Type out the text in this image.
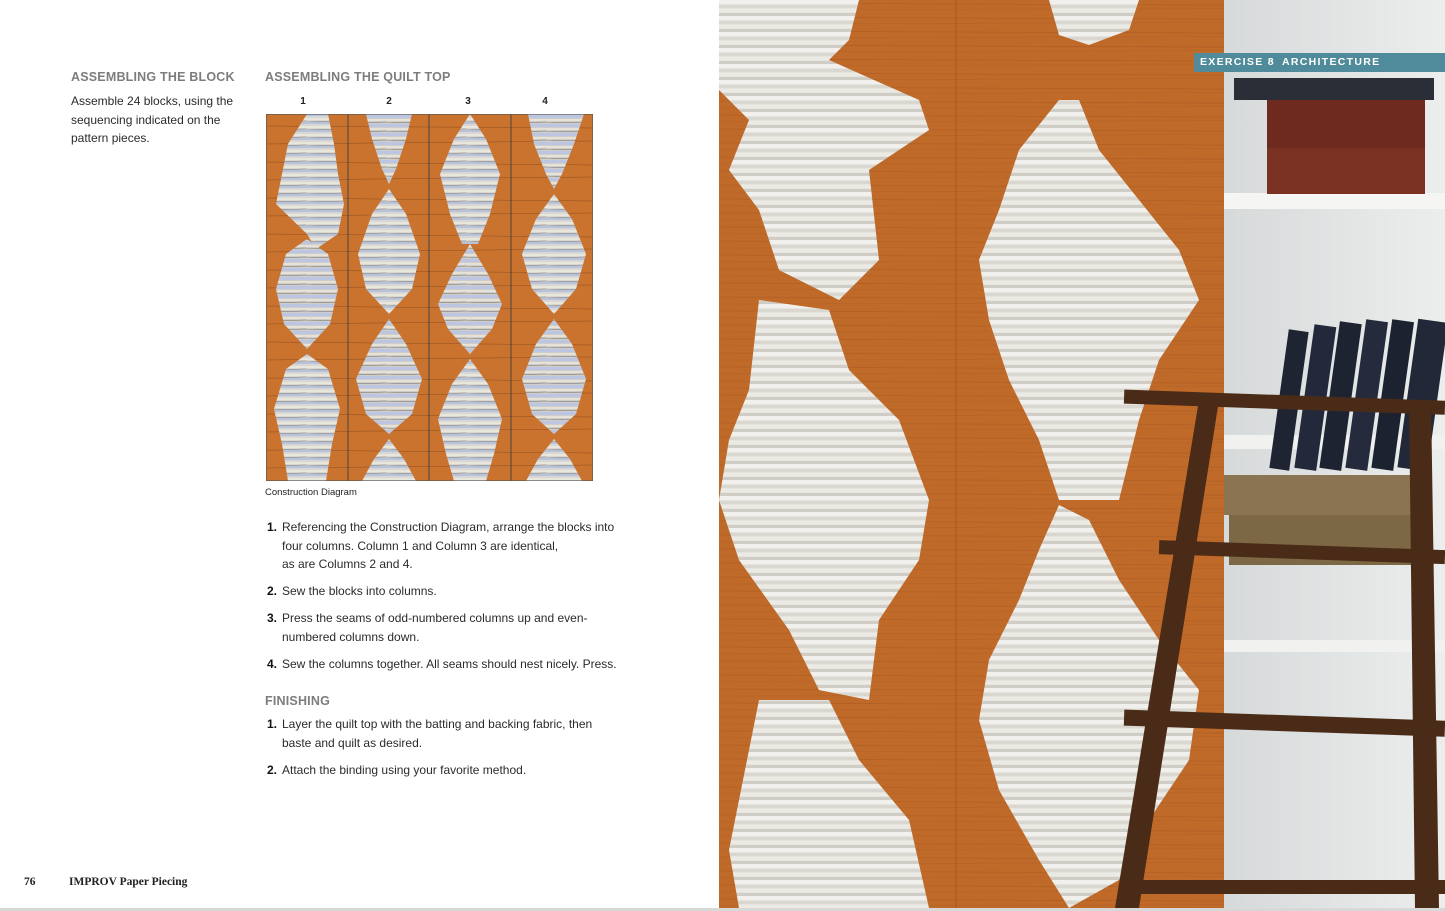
ASSEMBLING THE BLOCK
Assemble 24 blocks, using the
sequencing indicated on the
pattern pieces.
ASSEMBLING THE QUILT TOP
1	2	3	4
Construction Diagram
1. Referencing the Construction Diagram, arrange the blocks into
four columns. Column 1 and Column 3 are identical,
as are Columns 2 and 4.
2. Sew the blocks into columns.
3. Press the seams of odd-numbered columns up and even-
numbered columns down.
4. Sew the columns together. All seams should nest nicely. Press.
FINISHING
1. Layer the quilt top with the batting and backing fabric, then
baste and quilt as desired.
2. Attach the binding using your favorite method.
76	IMPROV Paper Piecing
EXERCISE 8 ARCHITECTURE
